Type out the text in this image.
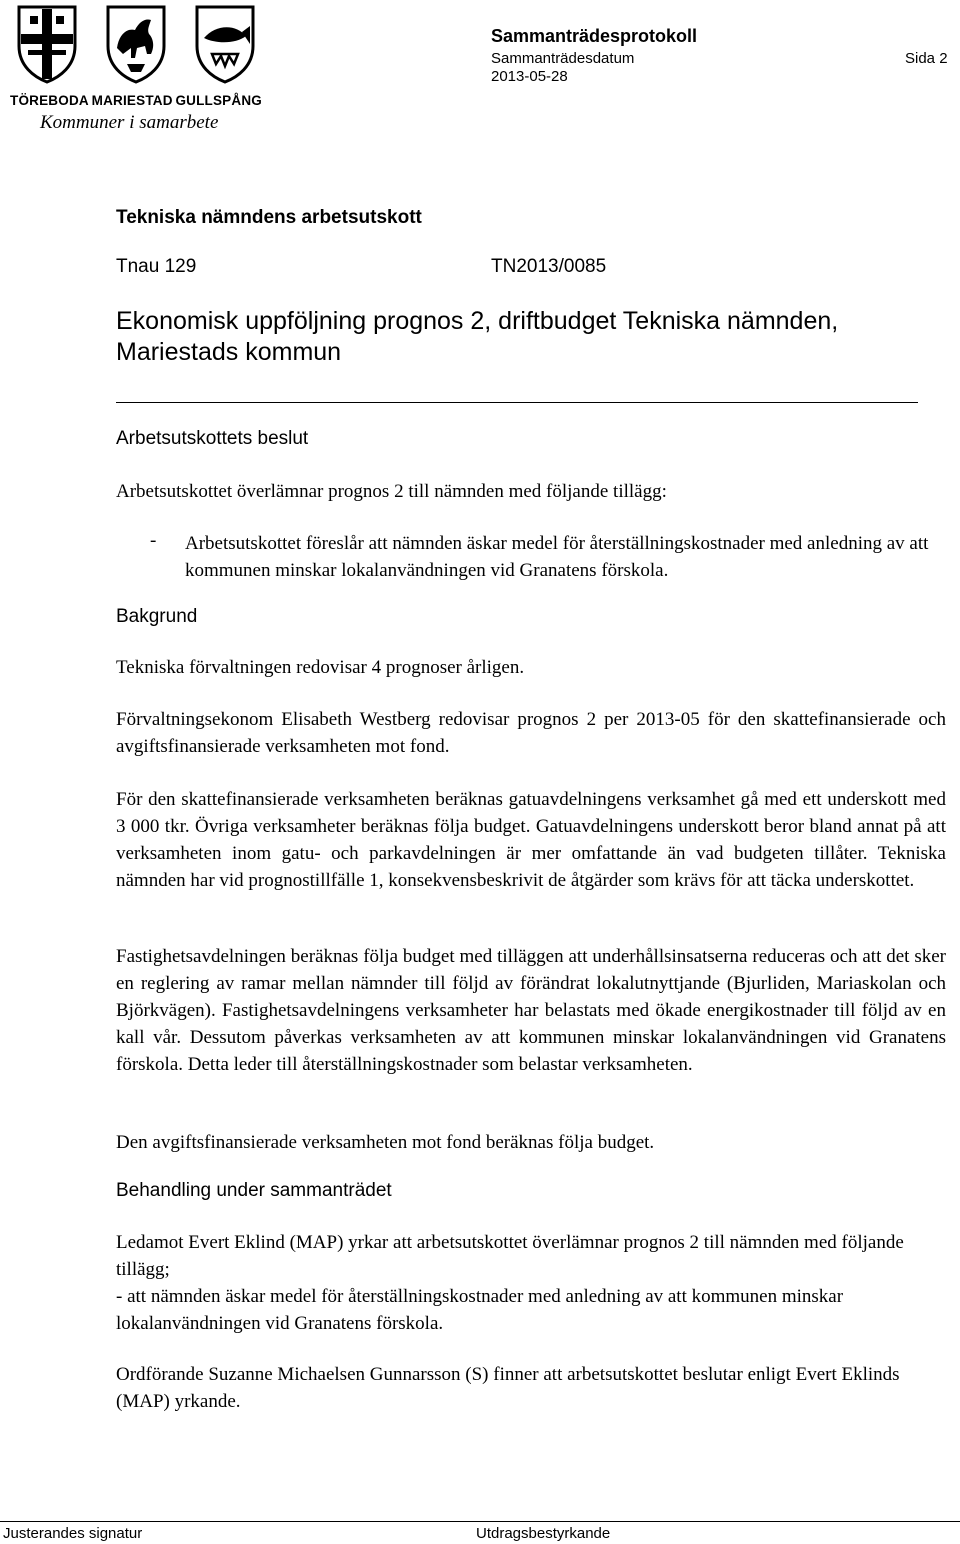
TÖREBODA MARIESTAD GULLSPÅNG
Kommuner i samarbete
Sammanträdesprotokoll
Sammanträdesdatum
2013-05-28
Sida 2
Tekniska nämndens arbetsutskott
Tnau 129	TN2013/0085
Ekonomisk uppföljning prognos 2, driftbudget Tekniska nämnden, Mariestads kommun
Arbetsutskottets beslut
Arbetsutskottet överlämnar prognos 2 till nämnden med följande tillägg:
- Arbetsutskottet föreslår att nämnden äskar medel för återställningskostnader med anledning av att kommunen minskar lokalanvändningen vid Granatens förskola.
Bakgrund
Tekniska förvaltningen redovisar 4 prognoser årligen.
Förvaltningsekonom Elisabeth Westberg redovisar prognos 2 per 2013-05 för den skattefinansierade och avgiftsfinansierade verksamheten mot fond.
För den skattefinansierade verksamheten beräknas gatuavdelningens verksamhet gå med ett underskott med 3 000 tkr. Övriga verksamheter beräknas följa budget. Gatuavdelningens underskott beror bland annat på att verksamheten inom gatu- och parkavdelningen är mer omfattande än vad budgeten tillåter. Tekniska nämnden har vid prognostillfälle 1, konsekvensbeskrivit de åtgärder som krävs för att täcka underskottet.
Fastighetsavdelningen beräknas följa budget med tilläggen att underhållsinsatserna reduceras och att det sker en reglering av ramar mellan nämnder till följd av förändrat lokalutnyttjande (Bjurliden, Mariaskolan och Björkvägen). Fastighetsavdelningens verksamheter har belastats med ökade energikostnader till följd av en kall vår. Dessutom påverkas verksamheten av att kommunen minskar lokalanvändningen vid Granatens förskola. Detta leder till återställningskostnader som belastar verksamheten.
Den avgiftsfinansierade verksamheten mot fond beräknas följa budget.
Behandling under sammanträdet
Ledamot Evert Eklind (MAP) yrkar att arbetsutskottet överlämnar prognos 2 till nämnden med följande tillägg;
- att nämnden äskar medel för återställningskostnader med anledning av att kommunen minskar lokalanvändningen vid Granatens förskola.
Ordförande Suzanne Michaelsen Gunnarsson (S) finner att arbetsutskottet beslutar enligt Evert Eklinds (MAP) yrkande.
Justerandes signatur	Utdragsbestyrkande
